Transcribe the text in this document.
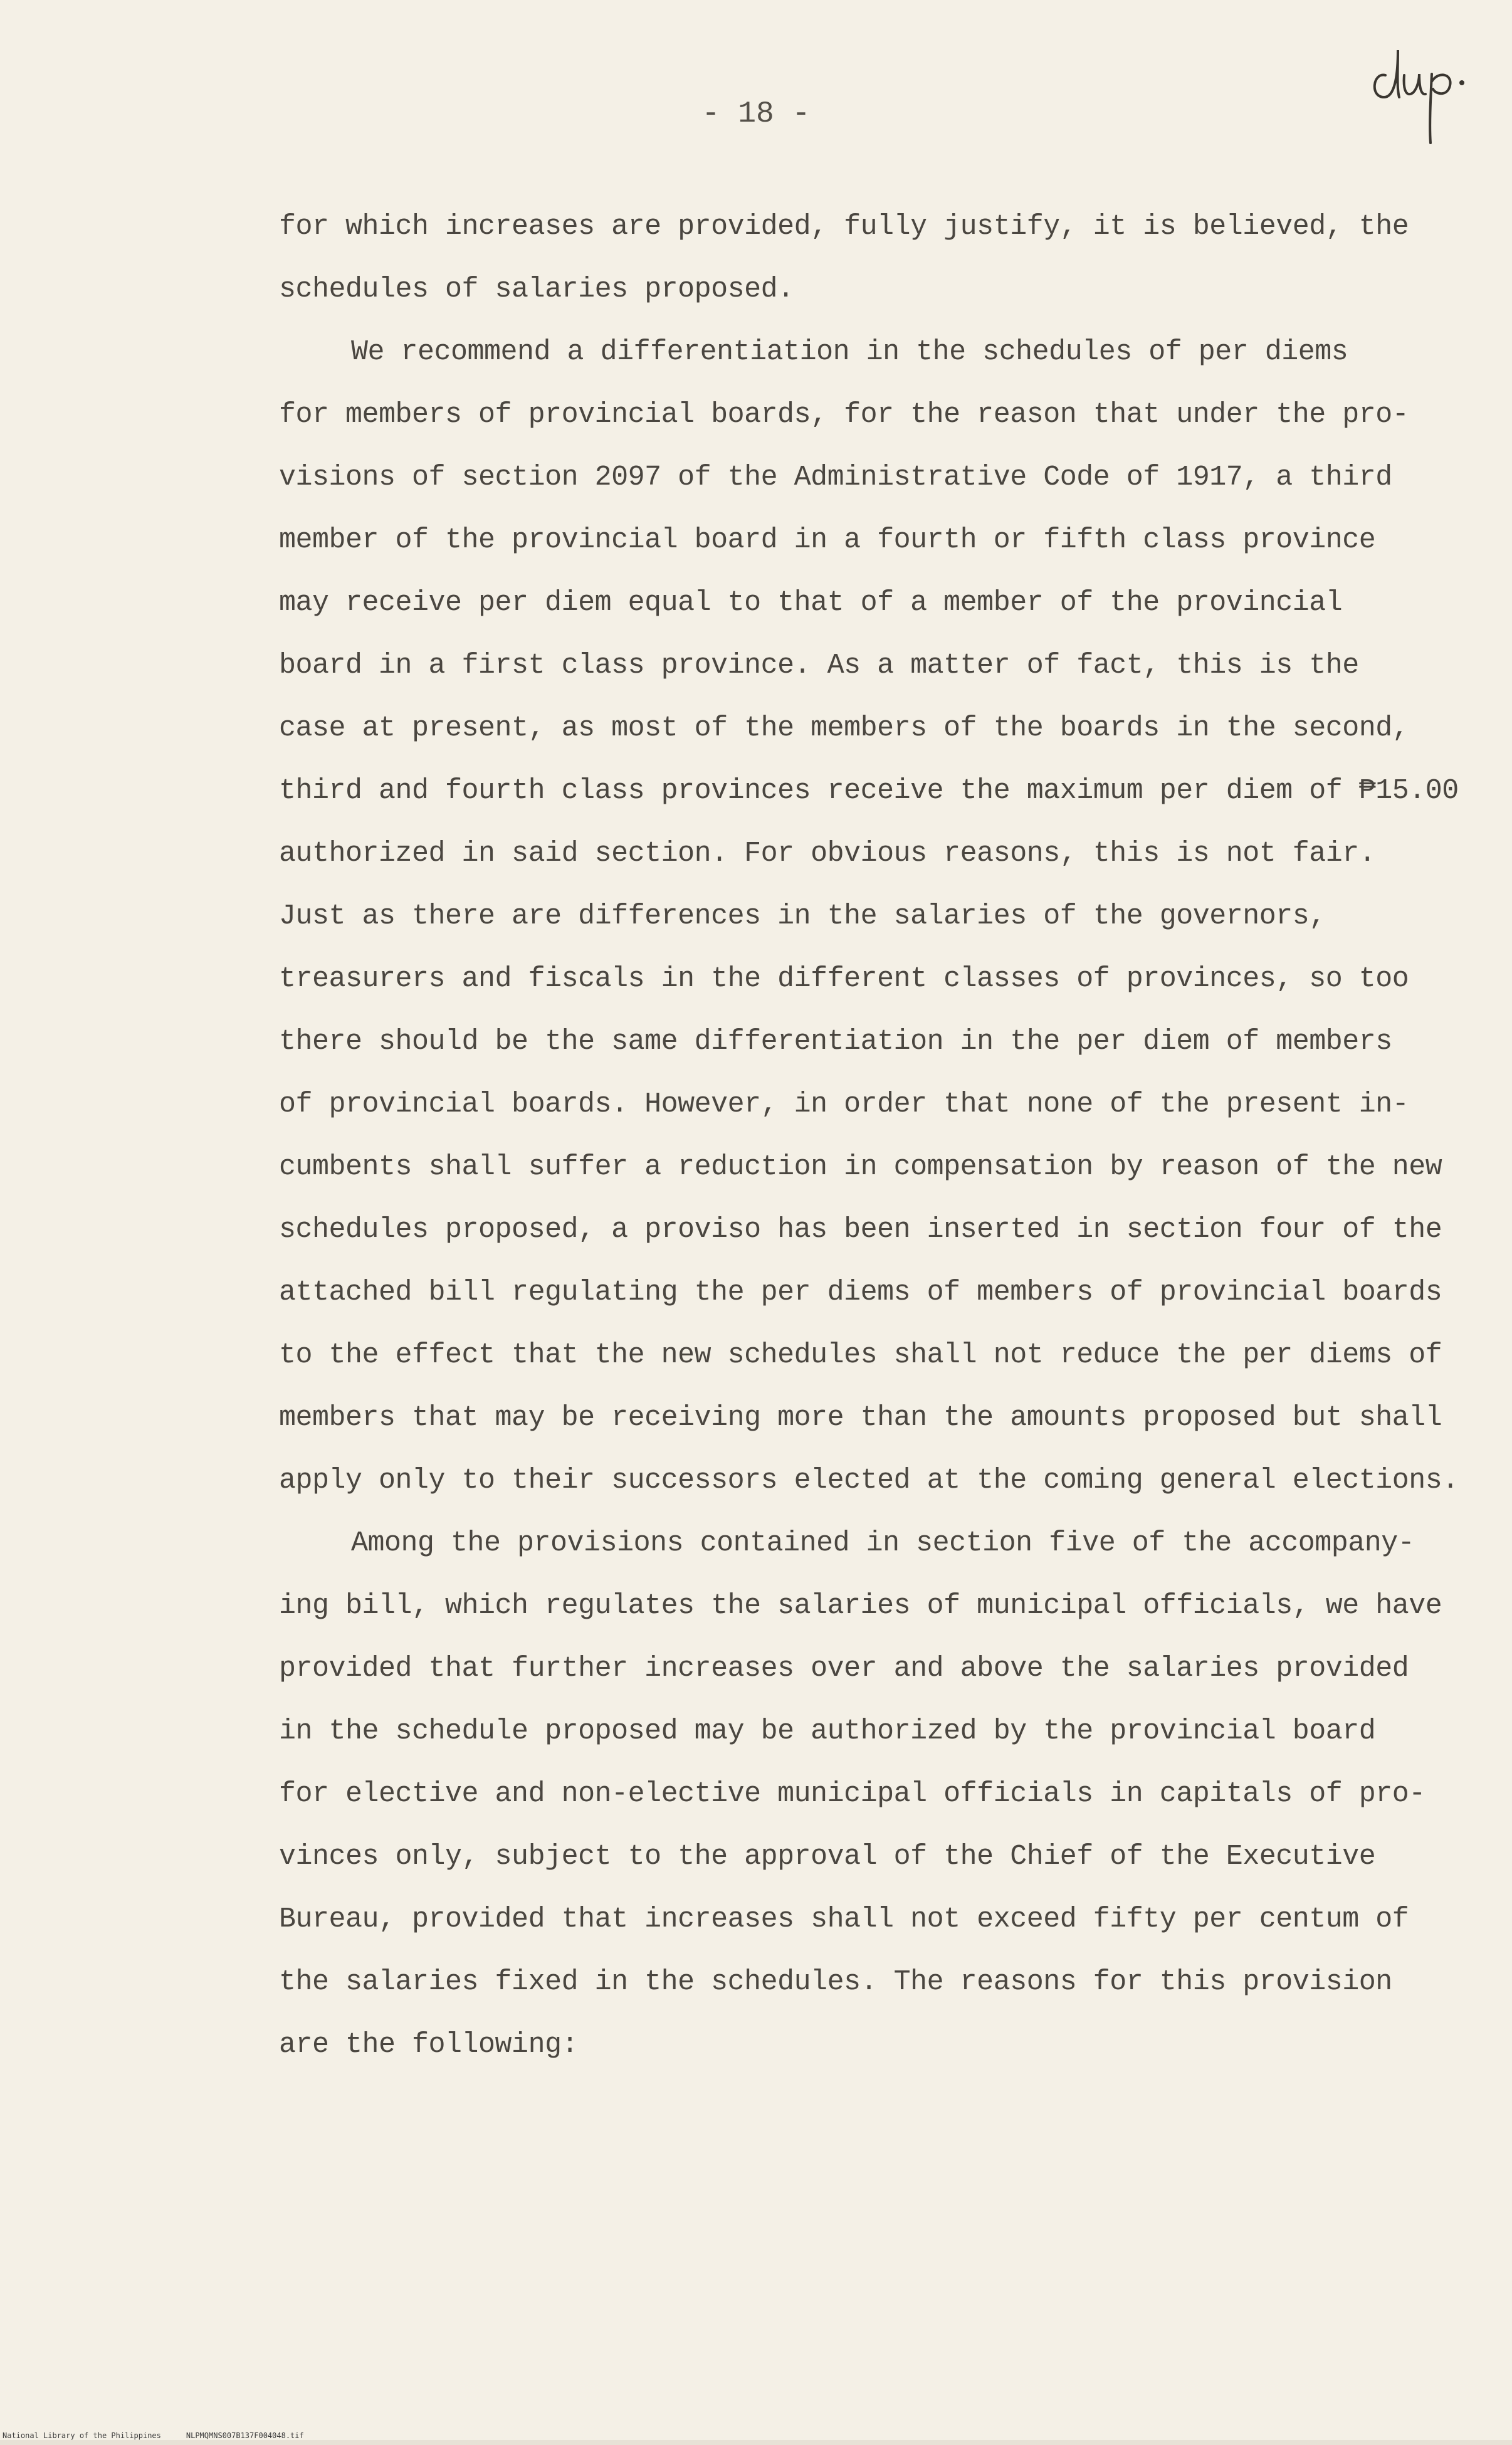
- 18 -
for which increases are provided, fully justify, it is believed, the
schedules of salaries proposed.
We recommend a differentiation in the schedules of per diems
for members of provincial boards, for the reason that under the pro-
visions of section 2097 of the Administrative Code of 1917, a third
member of the provincial board in a fourth or fifth class province
may receive per diem equal to that of a member of the provincial
board in a first class province. As a matter of fact, this is the
case at present, as most of the members of the boards in the second,
third and fourth class provinces receive the maximum per diem of ₱15.00
authorized in said section. For obvious reasons, this is not fair.
Just as there are differences in the salaries of the governors,
treasurers and fiscals in the different classes of provinces, so too
there should be the same differentiation in the per diem of members
of provincial boards. However, in order that none of the present in-
cumbents shall suffer a reduction in compensation by reason of the new
schedules proposed, a proviso has been inserted in section four of the
attached bill regulating the per diems of members of provincial boards
to the effect that the new schedules shall not reduce the per diems of
members that may be receiving more than the amounts proposed but shall
apply only to their successors elected at the coming general elections.
Among the provisions contained in section five of the accompany-
ing bill, which regulates the salaries of municipal officials, we have
provided that further increases over and above the salaries provided
in the schedule proposed may be authorized by the provincial board
for elective and non-elective municipal officials in capitals of pro-
vinces only, subject to the approval of the Chief of the Executive
Bureau, provided that increases shall not exceed fifty per centum of
the salaries fixed in the schedules. The reasons for this provision
are the following:
National Library of the Philippines	NLPMQMNS007B137F004048.tif
